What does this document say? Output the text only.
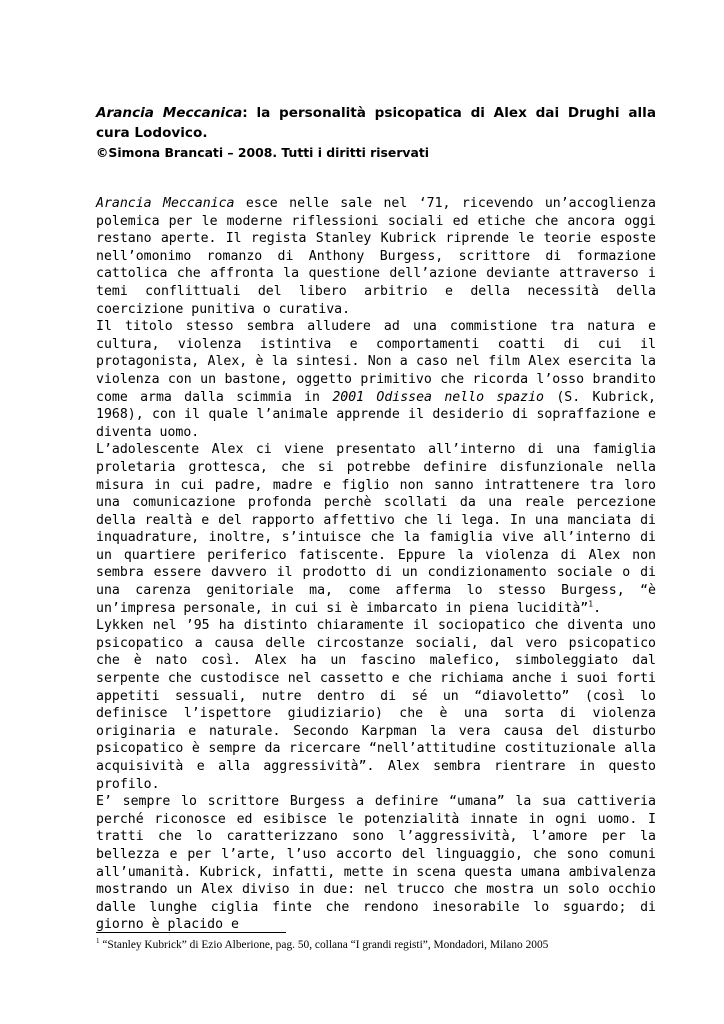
Arancia Meccanica: la personalità psicopatica di Alex dai Drughi alla cura Lodovico.

©Simona Brancati – 2008. Tutti i diritti riservati

Arancia Meccanica esce nelle sale nel ‘71, ricevendo un’accoglienza polemica per le moderne riflessioni sociali ed etiche che ancora oggi restano aperte. Il regista Stanley Kubrick riprende le teorie esposte nell’omonimo romanzo di Anthony Burgess, scrittore di formazione cattolica che affronta la questione dell’azione deviante attraverso i temi conflittuali del libero arbitrio e della necessità della coercizione punitiva o curativa.

Il titolo stesso sembra alludere ad una commistione tra natura e cultura, violenza istintiva e comportamenti coatti di cui il protagonista, Alex, è la sintesi. Non a caso nel film Alex esercita la violenza con un bastone, oggetto primitivo che ricorda l’osso brandito come arma dalla scimmia in 2001 Odissea nello spazio (S. Kubrick, 1968), con il quale l’animale apprende il desiderio di sopraffazione e diventa uomo.

L’adolescente Alex ci viene presentato all’interno di una famiglia proletaria grottesca, che si potrebbe definire disfunzionale nella misura in cui padre, madre e figlio non sanno intrattenere tra loro una comunicazione profonda perchè scollati da una reale percezione della realtà e del rapporto affettivo che li lega. In una manciata di inquadrature, inoltre, s’intuisce che la famiglia vive all’interno di un quartiere periferico fatiscente. Eppure la violenza di Alex non sembra essere davvero il prodotto di un condizionamento sociale o di una carenza genitoriale ma, come afferma lo stesso Burgess, “è un’impresa personale, in cui si è imbarcato in piena lucidità”$^1$.

Lykken nel ’95 ha distinto chiaramente il sociopatico che diventa uno psicopatico a causa delle circostanze sociali, dal vero psicopatico che è nato così. Alex ha un fascino malefico, simboleggiato dal serpente che custodisce nel cassetto e che richiama anche i suoi forti appetiti sessuali, nutre dentro di sé un “diavoletto” (così lo definisce l’ispettore giudiziario) che è una sorta di violenza originaria e naturale. Secondo Karpman la vera causa del disturbo psicopatico è sempre da ricercare “nell’attitudine costituzionale alla acquisività e alla aggressività”. Alex sembra rientrare in questo profilo.

E’ sempre lo scrittore Burgess a definire “umana” la sua cattiveria perché riconosce ed esibisce le potenzialità innate in ogni uomo. I tratti che lo caratterizzano sono l’aggressività, l’amore per la bellezza e per l’arte, l’uso accorto del linguaggio, che sono comuni all’umanità. Kubrick, infatti, mette in scena questa umana ambivalenza mostrando un Alex diviso in due: nel trucco che mostra un solo occhio dalle lunghe ciglia finte che rendono inesorabile lo sguardo; di giorno è placido e

$^1$ “Stanley Kubrick” di Ezio Alberione, pag. 50, collana “I grandi registi”, Mondadori, Milano 2005
